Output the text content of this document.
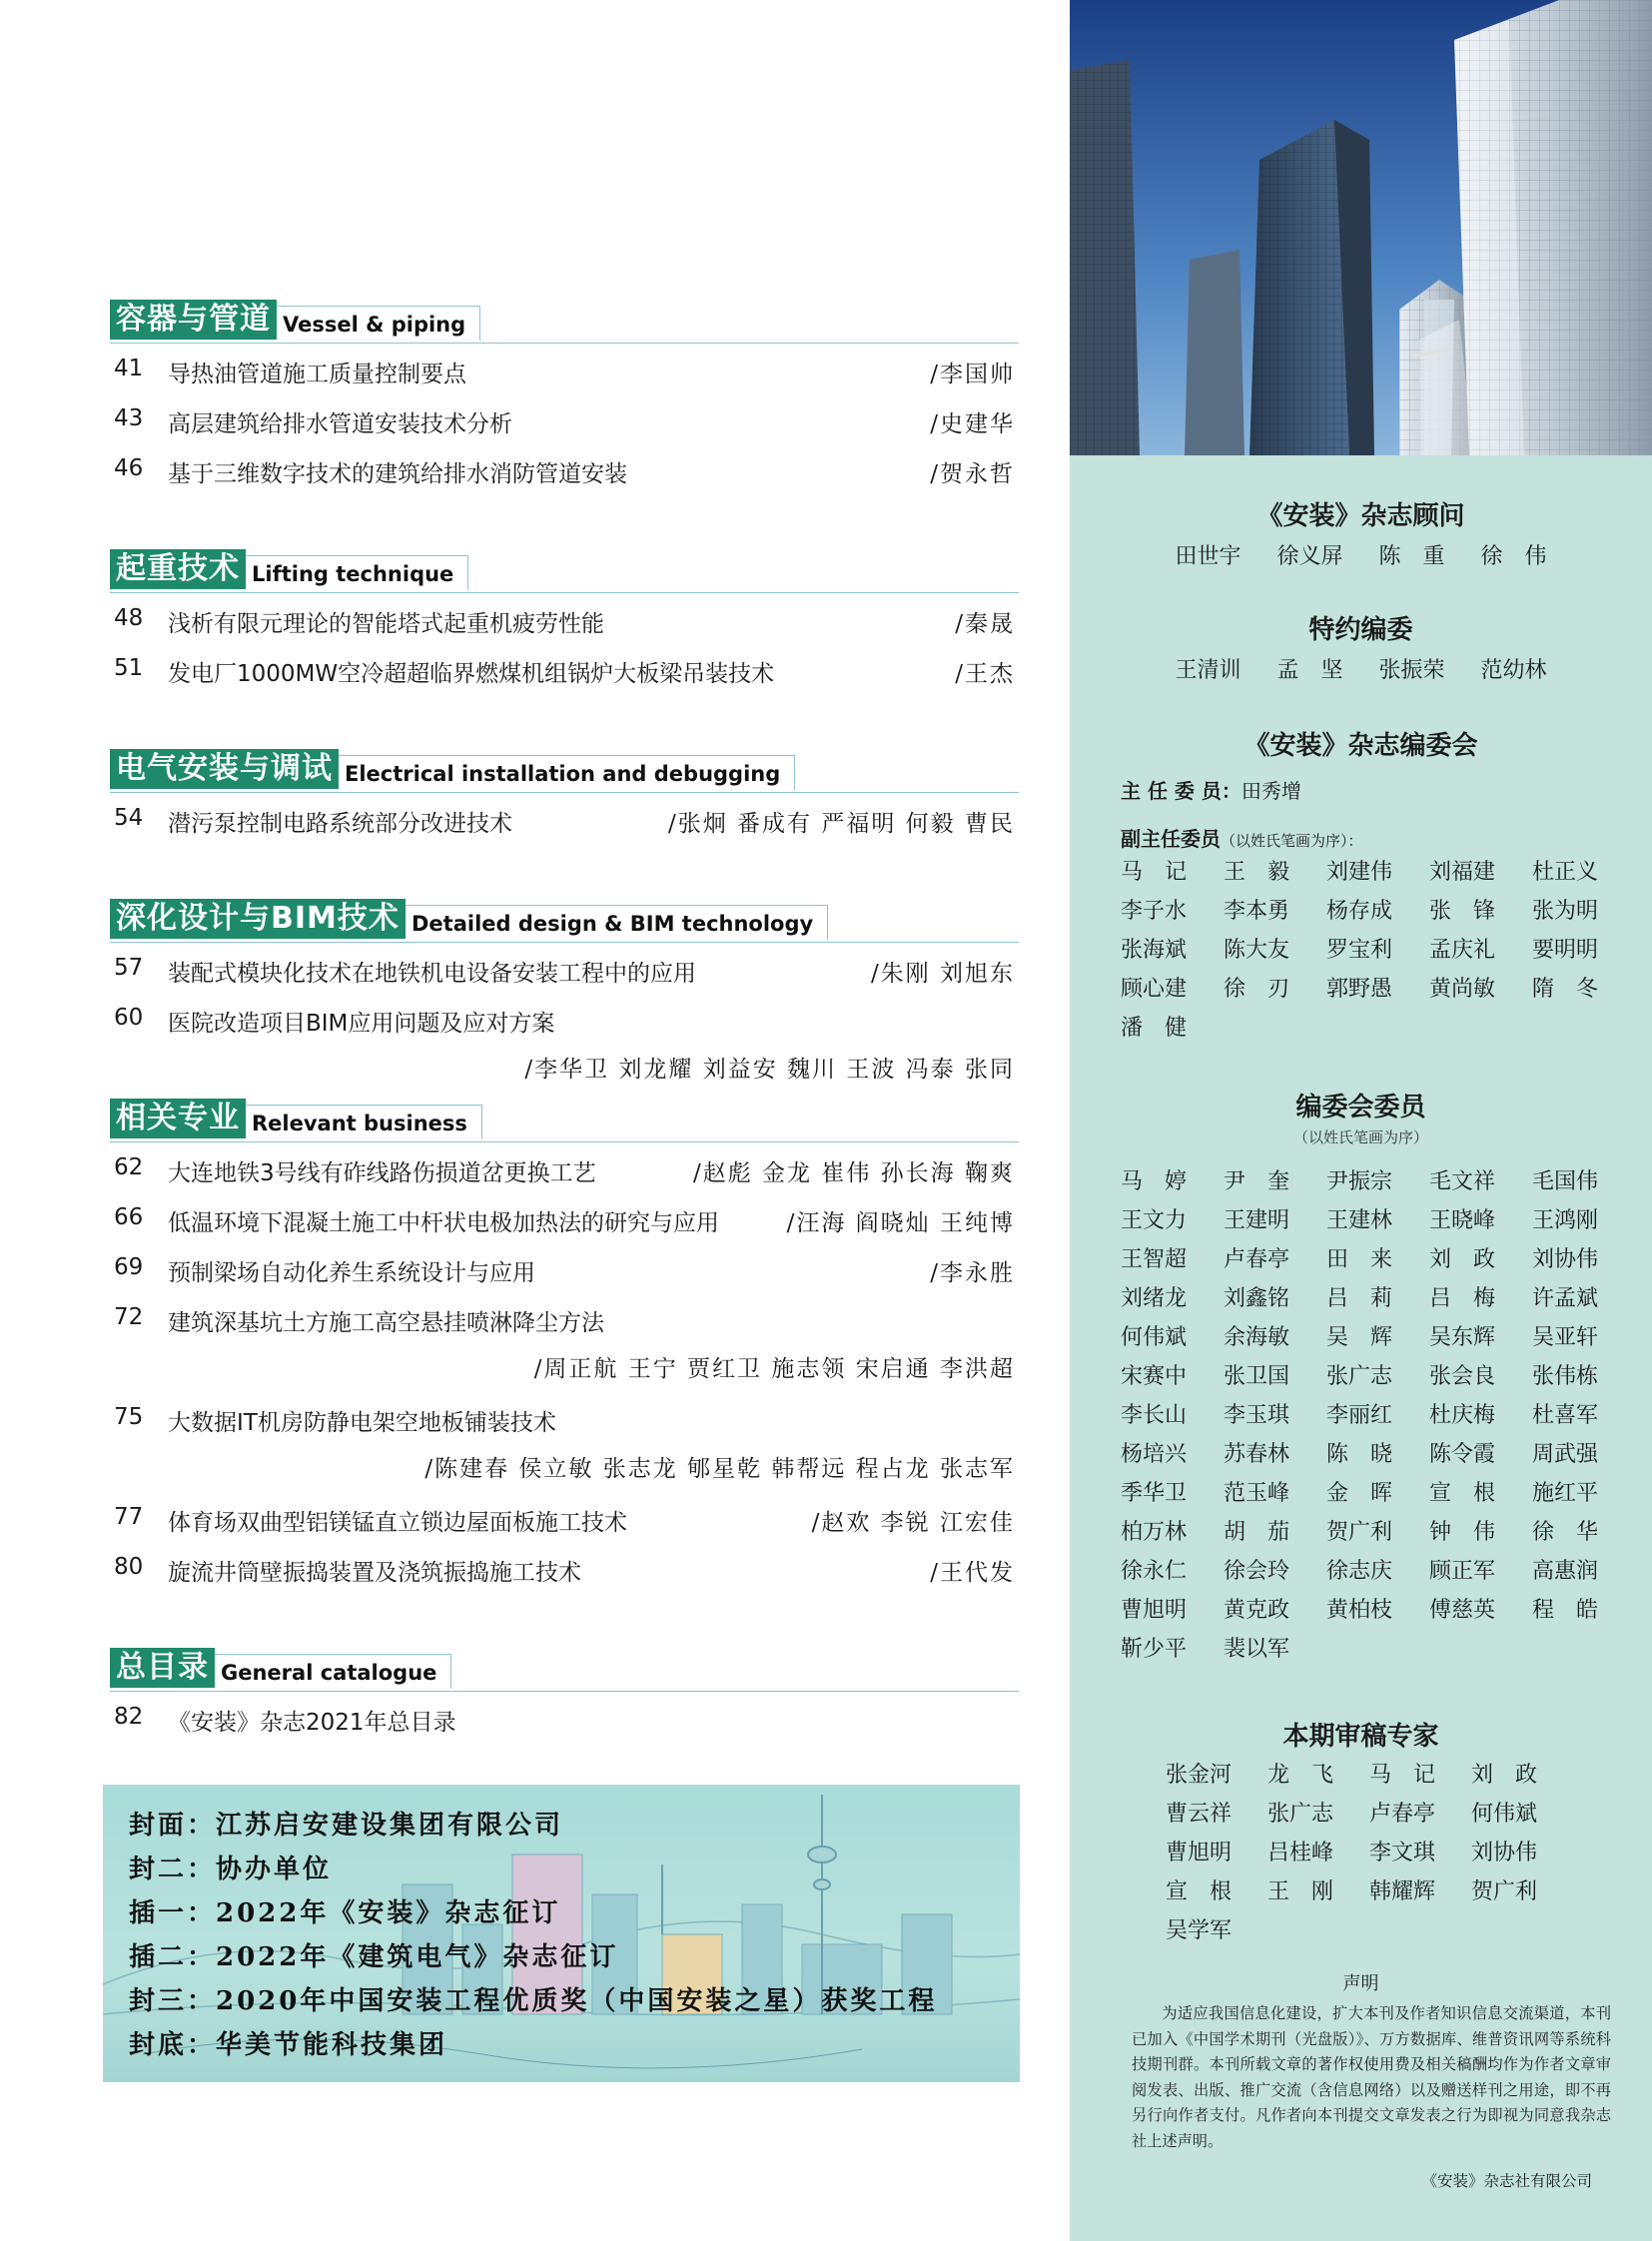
Vessel & piping
容器与管道
41	导热油管道施工质量控制要点	/李国帅
43	高层建筑给排水管道安装技术分析	/史建华
46	基于三维数字技术的建筑给排水消防管道安装	/贺永哲
Lifting technique
起重技术
48	浅析有限元理论的智能塔式起重机疲劳性能	/秦晟
51	发电厂1000MW空冷超超临界燃煤机组锅炉大板梁吊装技术	/王杰
Electrical installation and debugging
电气安装与调试
54	潜污泵控制电路系统部分改进技术	/张炯 番成有 严福明 何毅 曹民
Detailed design & BIM technology
深化设计与BIM技术
57	装配式模块化技术在地铁机电设备安装工程中的应用	/朱刚 刘旭东
60	医院改造项目BIM应用问题及应对方案
/李华卫 刘龙耀 刘益安 魏川 王波 冯泰 张同
Relevant business
相关专业
62	大连地铁3号线有砟线路伤损道岔更换工艺	/赵彪 金龙 崔伟 孙长海 鞠爽
66	低温环境下混凝土施工中杆状电极加热法的研究与应用	/汪海 阎晓灿 王纯博
69	预制梁场自动化养生系统设计与应用	/李永胜
72	建筑深基坑土方施工高空悬挂喷淋降尘方法
/周正航 王宁 贾红卫 施志领 宋启通 李洪超
75	大数据IT机房防静电架空地板铺装技术
/陈建春 侯立敏 张志龙 郇星乾 韩帮远 程占龙 张志军
77	体育场双曲型铝镁锰直立锁边屋面板施工技术	/赵欢 李锐 江宏佳
80	旋流井筒壁振捣装置及浇筑振捣施工技术	/王代发
General catalogue
总目录
82	《安装》杂志2021年总目录
封面：江苏启安建设集团有限公司
封二：协办单位
插一：2022年《安装》杂志征订
插二：2022年《建筑电气》杂志征订
封三：2020年中国安装工程优质奖（中国安装之星）获奖工程
封底：华美节能科技集团
《安装》杂志顾问
田世宇 徐义屏 陈　重 徐　伟
特约编委
王清训 孟　坚 张振荣 范幼林
《安装》杂志编委会
主 任 委 员：田秀增
副主任委员（以姓氏笔画为序）：
马　记	王　毅	刘建伟	刘福建	杜正义
李子水	李本勇	杨存成	张　锋	张为明
张海斌	陈大友	罗宝利	孟庆礼	要明明
顾心建	徐　刃	郭野愚	黄尚敏	隋　冬
潘　健
编委会委员
（以姓氏笔画为序）
马　婷	尹　奎	尹振宗	毛文祥	毛国伟
王文力	王建明	王建林	王晓峰	王鸿刚
王智超	卢春亭	田　来	刘　政	刘协伟
刘绪龙	刘鑫铭	吕　莉	吕　梅	许孟斌
何伟斌	余海敏	吴　辉	吴东辉	吴亚轩
宋赛中	张卫国	张广志	张会良	张伟栋
李长山	李玉琪	李丽红	杜庆梅	杜喜军
杨培兴	苏春林	陈　晓	陈令霞	周武强
季华卫	范玉峰	金　晖	宣　根	施红平
柏万林	胡　茄	贺广利	钟　伟	徐　华
徐永仁	徐会玲	徐志庆	顾正军	高惠润
曹旭明	黄克政	黄柏枝	傅慈英	程　皓
靳少平	裴以军
本期审稿专家
张金河	龙　飞	马　记	刘　政
曹云祥	张广志	卢春亭	何伟斌
曹旭明	吕桂峰	李文琪	刘协伟
宣　根	王　刚	韩耀辉	贺广利
吴学军
声明
为适应我国信息化建设，扩大本刊及作者知识信息交流渠道，本刊已加入《中国学术期刊（光盘版）》、万方数据库、维普资讯网等系统科技期刊群。本刊所载文章的著作权使用费及相关稿酬均作为作者文章审阅发表、出版、推广交流（含信息网络）以及赠送样刊之用途，即不再另行向作者支付。凡作者向本刊提交文章发表之行为即视为同意我杂志社上述声明。
《安装》杂志社有限公司
